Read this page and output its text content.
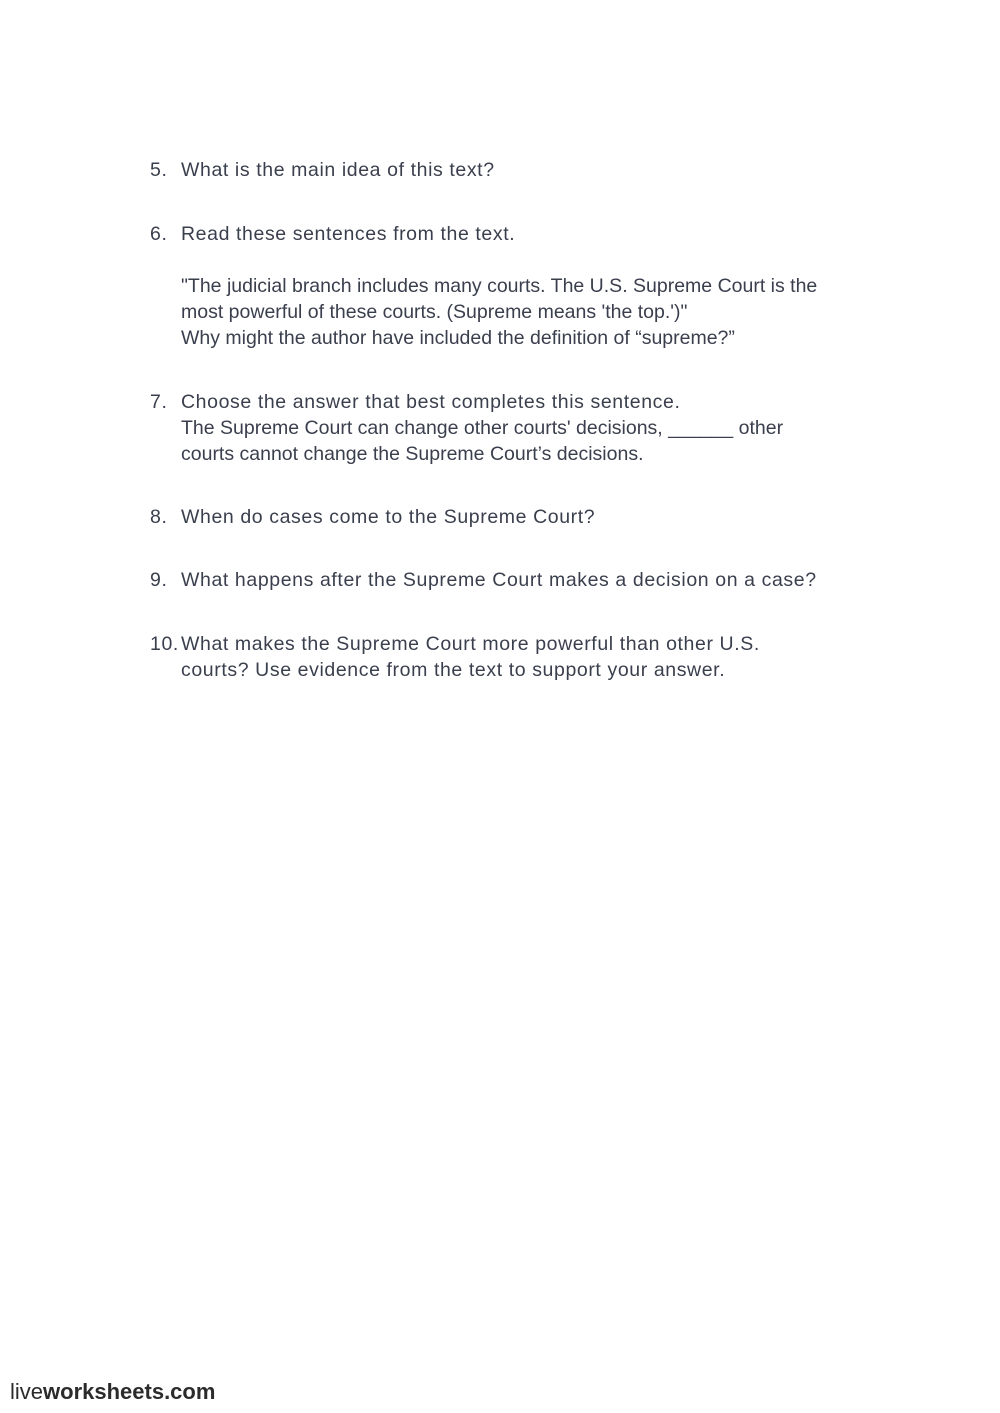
5. What is the main idea of this text?
6. Read these sentences from the text.
"The judicial branch includes many courts. The U.S. Supreme Court is the
most powerful of these courts. (Supreme means 'the top.')"
Why might the author have included the definition of “supreme?”
7. Choose the answer that best completes this sentence.
The Supreme Court can change other courts' decisions, ______ other
courts cannot change the Supreme Court’s decisions.
8. When do cases come to the Supreme Court?
9. What happens after the Supreme Court makes a decision on a case?
10. What makes the Supreme Court more powerful than other U.S.
courts? Use evidence from the text to support your answer.
liveworksheets.com
